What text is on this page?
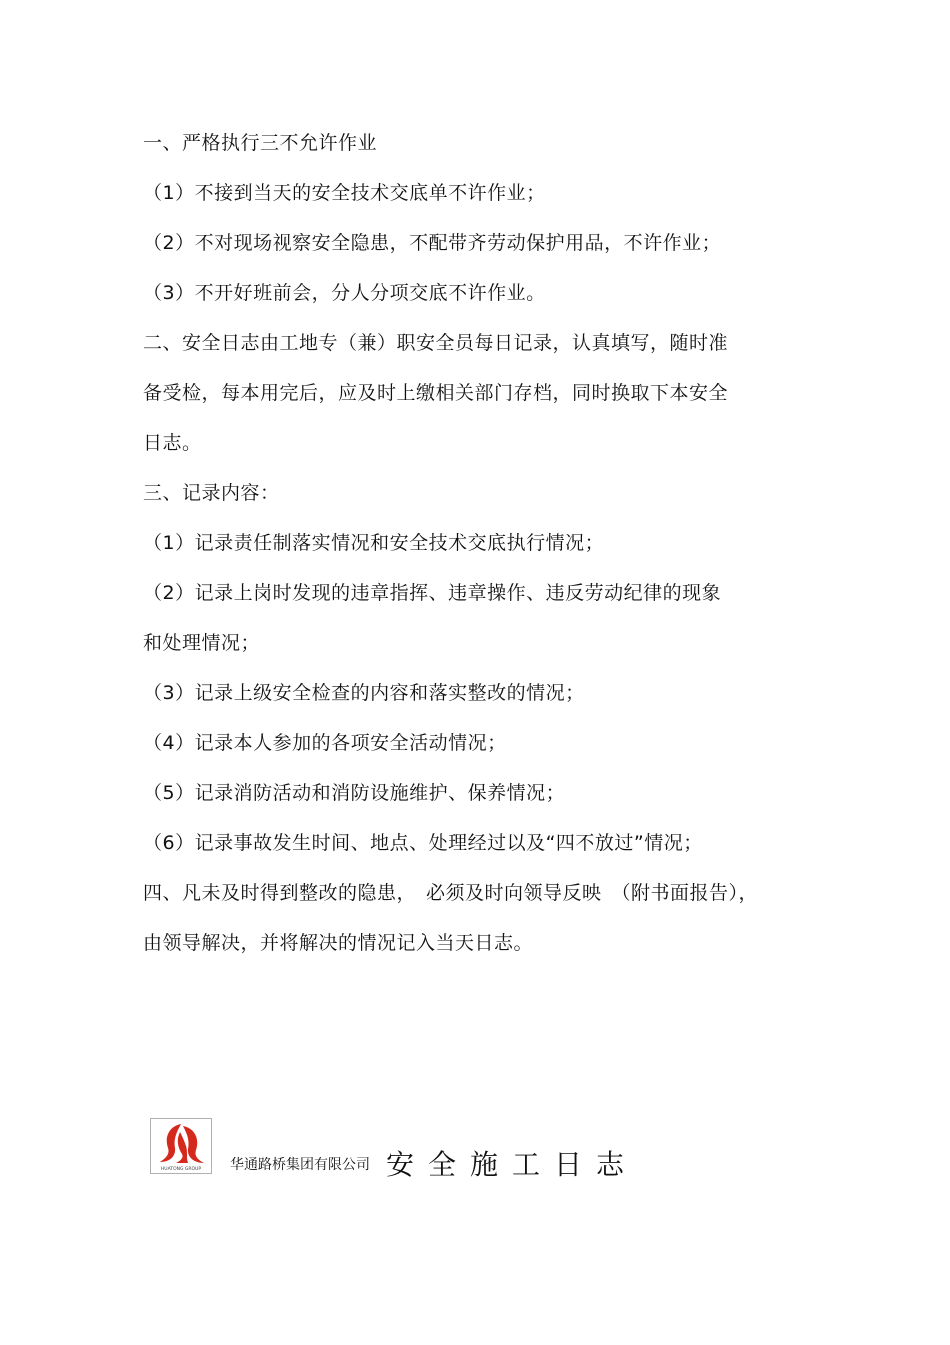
一、严格执行三不允许作业
（1）不接到当天的安全技术交底单不许作业；
（2）不对现场视察安全隐患，不配带齐劳动保护用品，不许作业；
（3）不开好班前会，分人分项交底不许作业。
二、安全日志由工地专（兼）职安全员每日记录，认真填写，随时准
备受检，每本用完后，应及时上缴相关部门存档，同时换取下本安全
日志。
三、记录内容：
（1）记录责任制落实情况和安全技术交底执行情况；
（2）记录上岗时发现的违章指挥、违章操作、违反劳动纪律的现象
和处理情况；
（3）记录上级安全检查的内容和落实整改的情况；
（4）记录本人参加的各项安全活动情况；
（5）记录消防活动和消防设施维护、保养情况；
（6）记录事故发生时间、地点、处理经过以及“四不放过”情况；
四、凡未及时得到整改的隐患，　必须及时向领导反映　（附书面报告），
由领导解决，并将解决的情况记入当天日志。
HUATONG GROUP 华通路桥集团有限公司 安全施工日志
